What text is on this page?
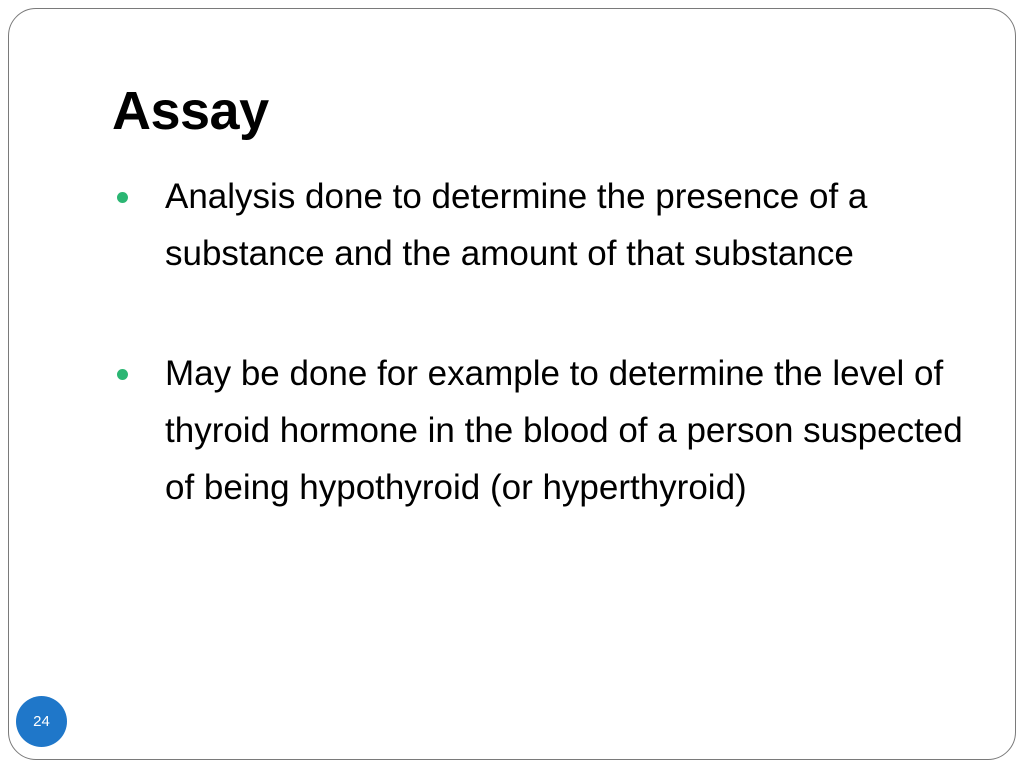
Assay
Analysis done to determine the presence of a substance and the amount of that substance
May be done for example to determine the level of thyroid hormone in the blood of a person suspected of being hypothyroid (or hyperthyroid)
24
